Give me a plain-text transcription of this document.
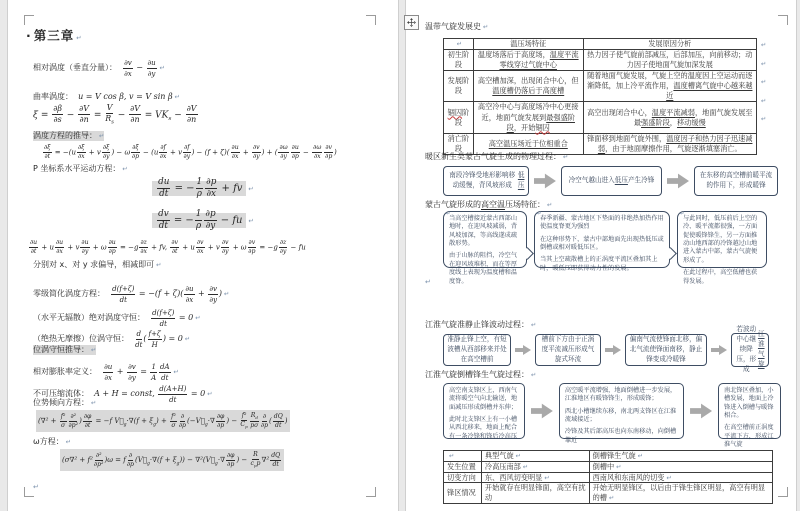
· 第三章 ↵
相对涡度（垂直分量）： $\frac{\partial v}{\partial x} - \frac{\partial u}{\partial y}$
↵
曲率涡度： u = V cos β, v = V sin β ↵
$\xi = \frac{\partial\beta}{\partial s} - \frac{\partial V}{\partial n} = \frac{V}{R_s} - \frac{\partial V}{\partial n} = VK_s - \frac{\partial V}{\partial n}$
涡度方程的推导： ↵
$\frac{\partial\xi}{\partial t} = -(u \frac{\partial\xi}{\partial x} + v \frac{\partial\xi}{\partial y}$ ) − ω $\frac{\partial\xi}{\partial p} - (u \frac{\partial f}{\partial x} + v \frac{\partial f}{\partial y}$ ) − $(f + \zeta)( \frac{\partial u}{\partial x} + \frac{\partial v}{\partial y}$ ) + ( $\frac{\partial\omega}{\partial y} \frac{\partial u}{\partial p} - \frac{\partial\omega}{\partial x} \frac{\partial v}{\partial p}$ )
P 坐标系水平运动方程： ↵
$\frac{du}{dt}$ = − $\frac{1}{\rho} \frac{\partial p}{\partial x}$ + fv ↵
$\frac{dv}{dt}$ = − $\frac{1}{\rho} \frac{\partial p}{\partial y}$ − fu ↵
$\frac{\partial u}{\partial t} + u \frac{\partial u}{\partial x} + v \frac{\partial u}{\partial y} + \omega \frac{\partial u}{\partial p} = -g \frac{\partial z}{\partial x}$ + fv, $\frac{\partial v}{\partial t} + u \frac{\partial v}{\partial x} + v \frac{\partial v}{\partial y} + \omega \frac{\partial v}{\partial p} = -g \frac{\partial z}{\partial y}$ − fu
分别对 x、对 y 求偏导，相减即可 ↵
零级简化涡度方程： $\frac{d(f+\zeta)}{dt} = -(f + \zeta)( \frac{\partial u}{\partial x} + \frac{\partial v}{\partial y}$ ) ↵
（水平无辐散）绝对涡度守恒： $\frac{d(f+\zeta)}{dt} = 0$ ↵
（绝热无摩擦）位涡守恒： $\frac{d}{dt}$ ( $\frac{f+\zeta}{H}$ ) = 0 ↵
位涡守恒推导： ↵
相对膨胀率定义： $\frac{\partial u}{\partial x} + \frac{\partial v}{\partial y} = \frac{1}{A} \frac{dA}{dt}$
↵
不可压缩流体： A + H = const, $\frac{d(A+H)}{dt} = 0$ ↵
位势倾向方程： ↵
($\nabla^2 + \frac{\text{f²}}{\sigma} \partial^2$
∂p² ) $\frac{\partial\varphi}{\partial t} = -f$ $V⃗_g\cdot\nabla(f + \xi_g) + \frac{\text{f²}}{\sigma}$ ∂
∂p ($-V⃗_g\cdot\nabla \frac{\partial\varphi}{\partial p}$ ) − $\frac{\text{f²}}{C_p} \frac{R_d}{p\sigma}$ ∂
∂p ( $\frac{dQ}{dt}$ )
ω方程： ↵
(σ∇² + f²
∂²
∂p² )ω = f
∂
∂p $(V⃗_g\cdot\nabla(f + \xi_g))$ − $\nabla^2(V⃗_g\cdot\nabla \frac{\partial\varphi}{\partial p}$ ) −
R
$c_pp$ $\nabla^2 \frac{dQ}{dt}$
↵
温带气旋发展史 ↵
↵	温压场特征	发展原因分析
初生阶段	温度场落后于高度场，温度平流零线穿过气旋中心	热力因子使气旋前部减压，后部加压，向前移动；动力因子使地面气旋加深发展
发展阶段	高空槽加深，出现闭合中心，但温度槽仍落后于高度槽	随着地面气旋发展，气旋上空的温度因上空运动而逐渐降低，加上冷平流作用，温度槽离气旋中心越来越近
锢囚阶段	高空冷中心与高度场冷中心更接近，地面气旋发展到最强盛阶段，开始锢囚	高空出现闭合中心，温度平流减弱，地面气旋发展至最强盛阶段，移动缓慢
消亡阶段	高空温压场近于位相重合	锋面移到地面气旋外围，温度因子和热力因子迅速减弱，由于地面摩擦作用，气旋逐渐填塞消亡。
↵
↵
↵
↵
↵
暖区新生类蒙古气旋生成的物理过程： ↵
南段冷锋受地形影响移动缓慢，背风坡形成
低压
冷空气越山进入 低压 产生冷锋
在东移的高空槽前暖平流的作用下，形成暖锋
蒙古气旋形成的高空温压场特征： ↵
↵

当高空槽接近蒙古西部山地时，在迎风坡减弱，背风坡加深，等高线遂成疏散形势。

由于山脉的阻挡，冷空气在迎风坡堆积，而在等厚度线上表现为温度槽和温度脊。

↵

春季新疆、蒙古地区下垫面的非绝热加热作用使温度脊更为强烈

在这种形势下，蒙古中部地面先出现热低压或倒槽或相对暖低压区。

当其上空疏散槽上的正涡度平流区叠加其上时，暖低压即获得动力性的发展。

↵

与此同时，低压前后上空的冷、暖平流都很强，一方面促使暖锋锋生，另一方面推动山地西部的冷锋越过山地进入蒙古中部，蒙古气旋便形成了。

在此过程中，高空低槽也获得发展。

↵
江淮气旋准静止锋波动过程： ↵
准静止锋上空，有短波槽从西部移来并处在高空槽前
槽前下方由于正涡度平流减压形成气旋式环流
偏南气流使锋面北移，偏北气流使锋面南移，静止锋变成冷暖锋
若波动中心继续降压，形成
江淮气旋
江淮气旋倒槽锋生气旋过程： ↵

高空南支锋区上，西南气流将暖空气向北输送，地面减压形成倒槽并东伸；

此时北支锋区上有一小槽从西北移来，地面上配合有一条冷锋和锋后冷高压

高空暖平流增强，地面倒槽进一步发展，江淮地区有暖锋锋生，形成暖锋；

西北小槽继续东移，南北两支锋区在江淮流域接近；

冷锋及其后部高压也向东南移动，向倒槽靠近

南北锋区叠加，小槽发展，地面上冷锋进入倒槽与暖锋相合。

在高空槽前正涡度平流下方，形成江淮气旋

↵	典型气旋 ↵	倒槽锋生气旋 ↵
发生位置	冷高压南部 ↵	倒槽中 ↵
切变方向	东、西风切变明显 ↵	西南风和东南风的切变 ↵
锋区情况	开始就存在明显锋面，高空有扰动	开始无明显锋区，以后由于锋生锋区明显，高空有明显的槽 ↵
